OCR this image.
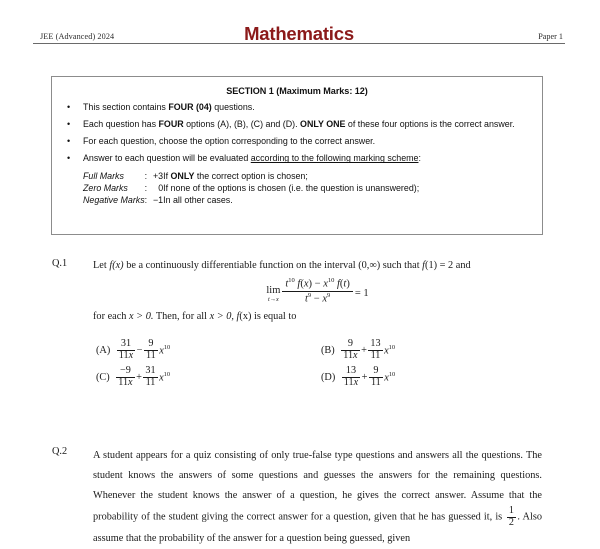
JEE (Advanced) 2024	Mathematics	Paper 1
SECTION 1 (Maximum Marks: 12)
• This section contains FOUR (04) questions.
• Each question has FOUR options (A), (B), (C) and (D). ONLY ONE of these four options is the correct answer.
• For each question, choose the option corresponding to the correct answer.
• Answer to each question will be evaluated according to the following marking scheme:
Full Marks	:	+3	If ONLY the correct option is chosen;
Zero Marks	:	0	If none of the options is chosen (i.e. the question is unanswered);
Negative Marks	:	−1	In all other cases.
Q.1	Let f(x) be a continuously differentiable function on the interval (0,∞) such that f(1) = 2 and
lim
$t\to x \frac{t^{10} f(x) - x^{10} f(t)}{t^9 - x^9} = 1$
for each x > 0. Then, for all x > 0, f(x) is equal to
$(A) \frac{31}{11x} - \frac{9}{11} x^{10}$	$(B) \frac{9}{11x} + \frac{13}{11} x^{10}$
$(C) \frac{-9}{11x} + \frac{31}{11} x^{10}$	$(D) \frac{13}{11x} + \frac{9}{11} x^{10}$
Q.2	A student appears for a quiz consisting of only true-false type questions and answers all the questions. The student knows the answers of some questions and guesses the answers for the remaining questions. Whenever the student knows the answer of a question, he gives the correct answer. Assume that the probability of the student giving the correct answer for a question, given that he has guessed it, is $\frac{1}{2}$ . Also assume that the probability of the answer for a question being guessed, given
